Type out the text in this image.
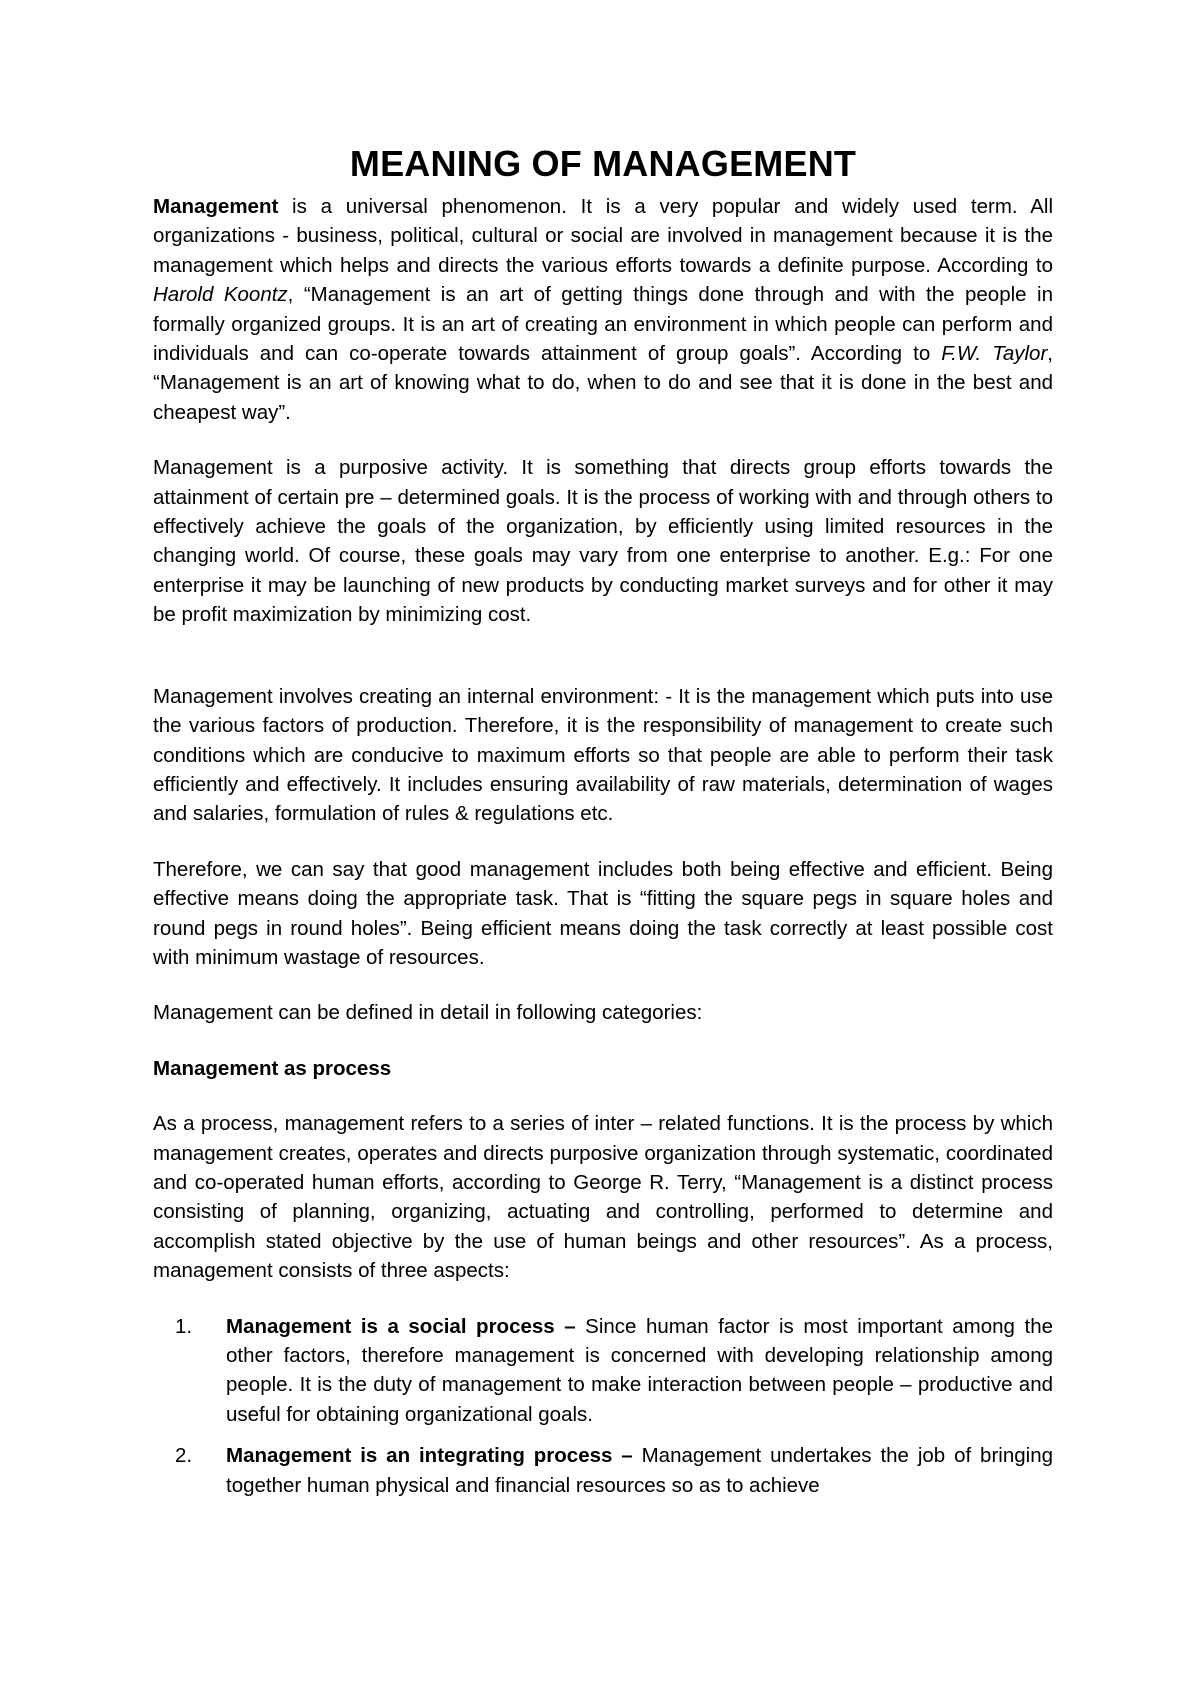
MEANING OF MANAGEMENT

Management is a universal phenomenon. It is a very popular and widely used term. All organizations - business, political, cultural or social are involved in management because it is the management which helps and directs the various efforts towards a definite purpose. According to Harold Koontz, “Management is an art of getting things done through and with the people in formally organized groups. It is an art of creating an environment in which people can perform and individuals and can co-operate towards attainment of group goals”. According to F.W. Taylor, “Management is an art of knowing what to do, when to do and see that it is done in the best and cheapest way”.

Management is a purposive activity. It is something that directs group efforts towards the attainment of certain pre – determined goals. It is the process of working with and through others to effectively achieve the goals of the organization, by efficiently using limited resources in the changing world. Of course, these goals may vary from one enterprise to another. E.g.: For one enterprise it may be launching of new products by conducting market surveys and for other it may be profit maximization by minimizing cost.

Management involves creating an internal environment: - It is the management which puts into use the various factors of production. Therefore, it is the responsibility of management to create such conditions which are conducive to maximum efforts so that people are able to perform their task efficiently and effectively. It includes ensuring availability of raw materials, determination of wages and salaries, formulation of rules & regulations etc.

Therefore, we can say that good management includes both being effective and efficient. Being effective means doing the appropriate task. That is “fitting the square pegs in square holes and round pegs in round holes”. Being efficient means doing the task correctly at least possible cost with minimum wastage of resources.

Management can be defined in detail in following categories:

Management as process

As a process, management refers to a series of inter – related functions. It is the process by which management creates, operates and directs purposive organization through systematic, coordinated and co-operated human efforts, according to George R. Terry, “Management is a distinct process consisting of planning, organizing, actuating and controlling, performed to determine and accomplish stated objective by the use of human beings and other resources”. As a process, management consists of three aspects:

1. Management is a social process – Since human factor is most important among the other factors, therefore management is concerned with developing relationship among people. It is the duty of management to make interaction between people – productive and useful for obtaining organizational goals.
2. Management is an integrating process – Management undertakes the job of bringing together human physical and financial resources so as to achieve
